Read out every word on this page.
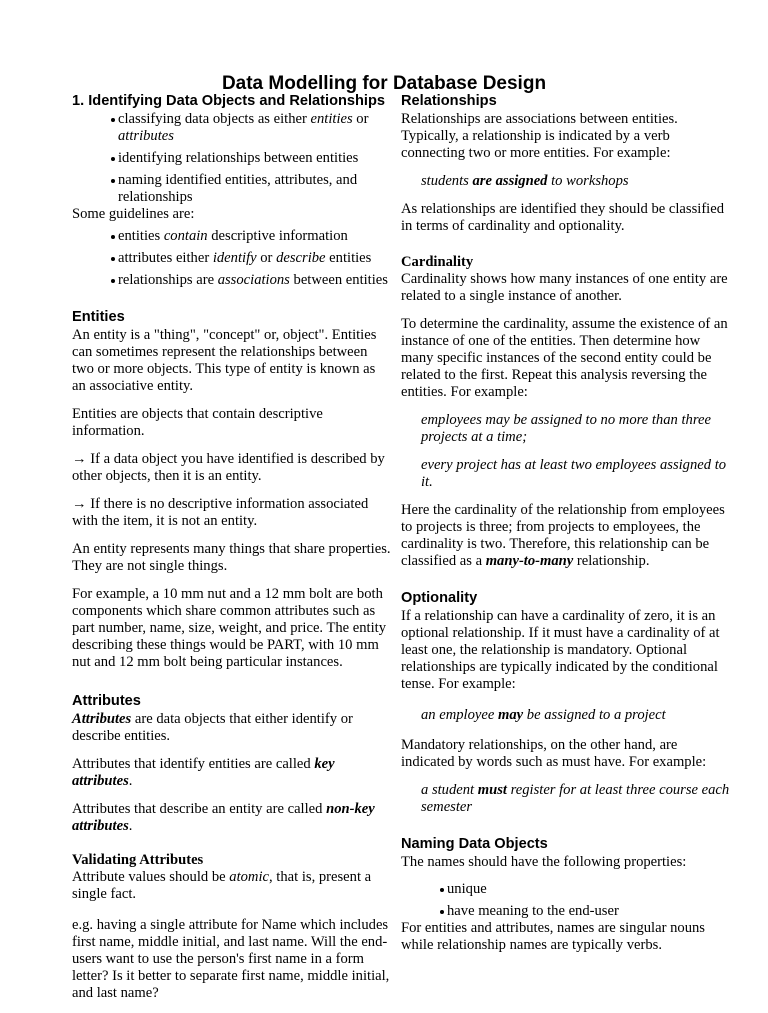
Data Modelling for Database Design
1. Identifying Data Objects and Relationships
classifying data objects as either entities or attributes
identifying relationships between entities
naming identified entities, attributes, and relationships

Some guidelines are:

entities contain descriptive information
attributes either identify or describe entities
relationships are associations between entities
Entities

An entity is a "thing", "concept" or, object". Entities can sometimes represent the relationships between two or more objects. This type of entity is known as an associative entity.

Entities are objects that contain descriptive information.

→ If a data object you have identified is described by other objects, then it is an entity.

→ If there is no descriptive information associated with the item, it is not an entity.

An entity represents many things that share properties. They are not single things.

For example, a 10 mm nut and a 12 mm bolt are both components which share common attributes such as part number, name, size, weight, and price. The entity describing these things would be PART, with 10 mm nut and 12 mm bolt being particular instances.

Attributes

Attributes are data objects that either identify or describe entities.

Attributes that identify entities are called key attributes.

Attributes that describe an entity are called non-key attributes.

Validating Attributes

Attribute values should be atomic, that is, present a single fact.

e.g. having a single attribute for Name which includes first name, middle initial, and last name. Will the end-users want to use the person's first name in a form letter? Is it better to separate first name, middle initial, and last name?

Relationships

Relationships are associations between entities. Typically, a relationship is indicated by a verb connecting two or more entities. For example:

students are assigned to workshops

As relationships are identified they should be classified in terms of cardinality and optionality.

Cardinality

Cardinality shows how many instances of one entity are related to a single instance of another.

To determine the cardinality, assume the existence of an instance of one of the entities. Then determine how many specific instances of the second entity could be related to the first. Repeat this analysis reversing the entities. For example:

employees may be assigned to no more than three projects at a time;

every project has at least two employees assigned to it.

Here the cardinality of the relationship from employees to projects is three; from projects to employees, the cardinality is two. Therefore, this relationship can be classified as a many-to-many relationship.

Optionality

If a relationship can have a cardinality of zero, it is an optional relationship. If it must have a cardinality of at least one, the relationship is mandatory. Optional relationships are typically indicated by the conditional tense. For example:

an employee may be assigned to a project

Mandatory relationships, on the other hand, are indicated by words such as must have. For example:

a student must register for at least three course each semester

Naming Data Objects

The names should have the following properties:

unique
have meaning to the end-user

For entities and attributes, names are singular nouns while relationship names are typically verbs.
